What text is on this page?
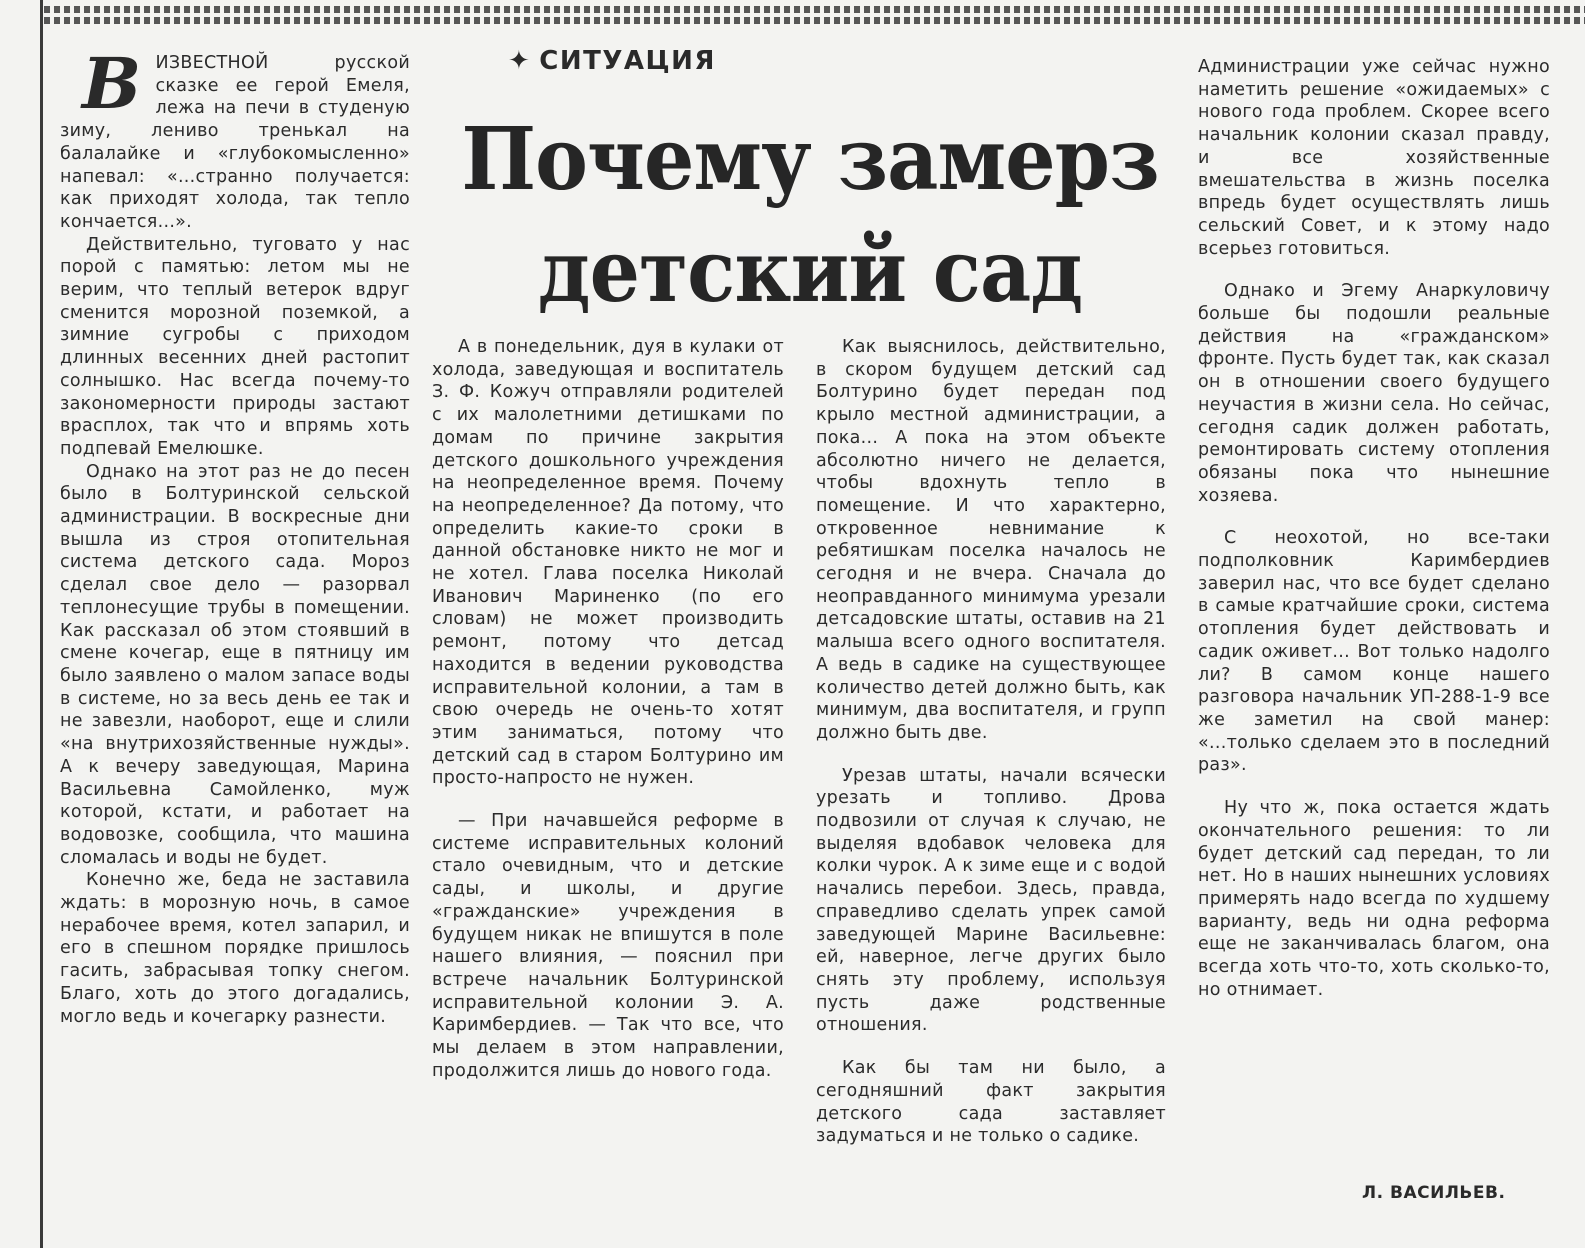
В ИЗВЕСТНОЙ русской сказке ее герой Емеля, лежа на печи в студеную зиму, лениво тренькал на балалайке и «глубокомысленно» напевал: «...странно получается: как приходят холода, так тепло кончается...».

Действительно, туговато у нас порой с памятью: летом мы не верим, что теплый ветерок вдруг сменится морозной поземкой, а зимние сугробы с приходом длинных весенних дней растопит солнышко. Нас всегда почему-то закономерности природы застают врасплох, так что и впрямь хоть подпевай Емелюшке.

Однако на этот раз не до песен было в Болтуринской сельской администрации. В воскресные дни вышла из строя отопительная система детского сада. Мороз сделал свое дело — разорвал теплонесущие трубы в помещении. Как рассказал об этом стоявший в смене кочегар, еще в пятницу им было заявлено о малом запасе воды в системе, но за весь день ее так и не завезли, наоборот, еще и слили «на внутрихозяйственные нужды». А к вечеру заведующая, Марина Васильевна Самойленко, муж которой, кстати, и работает на водовозке, сообщила, что машина сломалась и воды не будет.

Конечно же, беда не заставила ждать: в морозную ночь, в самое нерабочее время, котел запарил, и его в спешном порядке пришлось гасить, забрасывая топку снегом. Благо, хоть до этого догадались, могло ведь и кочегарку разнести.

✦ СИТУАЦИЯ
Почему замерз
детский сад

А в понедельник, дуя в кулаки от холода, заведующая и воспитатель З. Ф. Кожуч отправляли родителей с их малолетними детишками по домам по причине закрытия детского дошкольного учреждения на неопределенное время. Почему на неопределенное? Да потому, что определить какие-то сроки в данной обстановке никто не мог и не хотел. Глава поселка Николай Иванович Мариненко (по его словам) не может производить ремонт, потому что детсад находится в ведении руководства исправительной колонии, а там в свою очередь не очень-то хотят этим заниматься, потому что детский сад в старом Болтурино им просто-напросто не нужен.

— При начавшейся реформе в системе исправительных колоний стало очевидным, что и детские сады, и школы, и другие «гражданские» учреждения в будущем никак не впишутся в поле нашего влияния, — пояснил при встрече начальник Болтуринской исправительной колонии Э. А. Каримбердиев. — Так что все, что мы делаем в этом направлении, продолжится лишь до нового года.

Как выяснилось, действительно, в скором будущем детский сад Болтурино будет передан под крыло местной администрации, а пока... А пока на этом объекте абсолютно ничего не делается, чтобы вдохнуть тепло в помещение. И что характерно, откровенное невнимание к ребятишкам поселка началось не сегодня и не вчера. Сначала до неоправданного минимума урезали детсадовские штаты, оставив на 21 малыша всего одного воспитателя. А ведь в садике на существующее количество детей должно быть, как минимум, два воспитателя, и групп должно быть две.

Урезав штаты, начали всячески урезать и топливо. Дрова подвозили от случая к случаю, не выделяя вдобавок человека для колки чурок. А к зиме еще и с водой начались перебои. Здесь, правда, справедливо сделать упрек самой заведующей Марине Васильевне: ей, наверное, легче других было снять эту проблему, используя пусть даже родственные отношения.

Как бы там ни было, а сегодняшний факт закрытия детского сада заставляет задуматься и не только о садике.

Администрации уже сейчас нужно наметить решение «ожидаемых» с нового года проблем. Скорее всего начальник колонии сказал правду, и все хозяйственные вмешательства в жизнь поселка впредь будет осуществлять лишь сельский Совет, и к этому надо всерьез готовиться.

Однако и Эгему Анаркуловичу больше бы подошли реальные действия на «гражданском» фронте. Пусть будет так, как сказал он в отношении своего будущего неучастия в жизни села. Но сейчас, сегодня садик должен работать, ремонтировать систему отопления обязаны пока что нынешние хозяева.

С неохотой, но все-таки подполковник Каримбердиев заверил нас, что все будет сделано в самые кратчайшие сроки, система отопления будет действовать и садик оживет... Вот только надолго ли? В самом конце нашего разговора начальник УП-288-1-9 все же заметил на свой манер: «...только сделаем это в последний раз».

Ну что ж, пока остается ждать окончательного решения: то ли будет детский сад передан, то ли нет. Но в наших нынешних условиях примерять надо всегда по худшему варианту, ведь ни одна реформа еще не заканчивалась благом, она всегда хоть что-то, хоть сколько-то, но отнимает.

Л. ВАСИЛЬЕВ.
